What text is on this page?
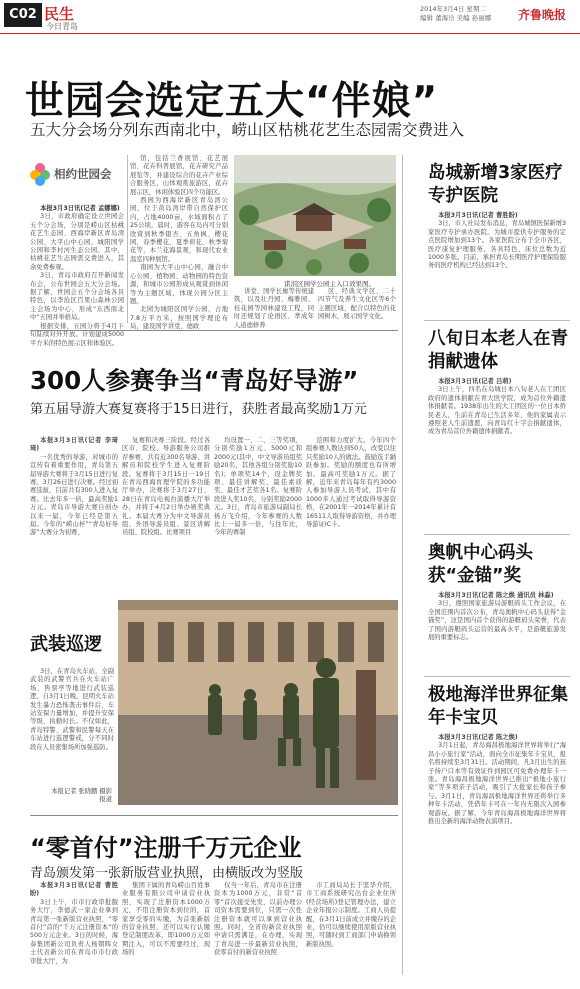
C02 民生
今日青岛
2014年3月4日 星期二
编辑 董海岳 美编 孙丽娜 齐鲁晚报
世园会选定五大“伴娘”
五大分会场分列东西南北中，崂山区枯桃花艺生态园需交费进入
相约世园会

本报3月3日讯(记者 孟娜娜)

3日，市政府确定设立世园会五个分会场，分别是崂山区枯桃花艺生态园、西海岸新区青岛湾公园、大平山中心园、城阳国学公园和李村河生态公园。其中，枯桃花艺生态园需交费进入，其余免费参观。

3日，青岛市政府召开新闻发布会，公布世园会五大分会场。据了解，世园会五个分会场各具特色，以李沧区百果山森林公园主会场为中心，形成“东西南北中”五园并举格局。

根据安排，五园分将于4月下旬陆续对外开放。计划建成5000平方米的特色展示区和体验区。

馆，包括兰香展馆、花艺展馆、花卉科普展馆，花卉研究产品展览等，并建设综合的花卉产业综合服务区，山体观赏旅游区，花卉展示区，休闲体验区四个功能区。

西园为西海岸新区青岛湾公园，位于黄岛湾岸带自然保护区内，占地4000亩，水域面积占了25公顷，届时，游客在岛内可分别欣赏到秋季银杏、五角枫、樱花园，春季樱花、夏季荷花、秋季菊花等，木兰花海景观，和现代农业温室四种展馆。

南园为大平山中心园，融合中心公园、植物园、动物园的特色资源，和城市公园形成从观赏到休闲等为主题区域，体现公园分区主题。

北园为城阳区国学公园，占地7.8万平方米，按照国学理论布局，建设国学讲堂、德政

诺泪区园学公园主入口效果图。

讲堂、国学长廊等传统建筑，以及壮丹园、梅雅园、桂花园等园林建设工程，同时还规划了论语区、孝成年人道德修养

区、经典文学区、二十四节气及养生文化区等6个主题区域，配合以特色的花园树木，展示国学文化。

300人参赛争当“青岛好导游”
第五届导游大赛复赛将于15日进行，获胜者最高奖励1万元

本报3月3日讯(记者 李琦琦)

一名优秀的导游，对城市的宣传有着重要作用，青岛第五届导游大赛将于3月15日进行复赛。3月26日进行决赛。经过初赛选拔，目前共有300人进入复赛。比去年多一倍，最高奖励1万元。青岛市导游大赛自创办以来一届，今年已经是第五届。今年的“崂山杯”“青岛好导游”大赛分为初赛、

复赛和决赛三阶段。经过各区市、院校、导游服务公司推荐参赛，共有近300名导游、讲解员和院校学生进入复赛阶段。复赛将于3月15日一19日在青岛西海育理学院的多功能厅举办，决赛将于3月27日、28日在青岛电视台演播大厅举办，并将于4月2日举办颁奖典礼。本届大赛分为中文导游员组、外语导游员组、景区讲解员组、院校组。比赛项目

均设置一、二、三等奖项，分别奖励1万元、5000元和2000元(其中，中文导游员组奖励20名，其他各组分别奖励10名)；单项奖14个，设金牌奖项、最佳讲解奖、最佳素质奖、最佳才艺奖各1名。复赛阶段进入奖10名，分别奖励2000元。3日，青岛市旅游局副局长杨万飞介绍，今年参赛的人数比上一届多一倍，与往年比，今年的赛制

范围和力度扩大。今年四个组参赛人数达到50人，改变以往只奖励10人的做法。鼓励选手踊跃参加。奖励的额度也有所增加。最高可奖励1万元。据了解，近年来青岛每年有约3000人参加导游人员考试，其中有1000多人通过考试取得导游资格，在2001年一2014年累计有16511人取得导游资格，并办理导游证IC卡。

武装巡逻

3日，在青岛火车站，全副武装的武警官兵在火车站广场、售票亭等地进行武装巡逻。自3月1日晚，昆明火车站发生暴力恐怖袭击事件后，车站安保力量增加，并提升安保等级、执勤时长。不仅如此，青岛特警、武警和民警每天在车站进行巡逻警戒，分不同时段在人员密集场所加强巡防。

本报记者 张晓鹏 摄影报道
“零首付”注册千万元企业
青岛颁发第一张新版营业执照，由横版改为竖版

本报3月3日讯(记者 曹胜盼)

3日上午，市市行政审批服务大厅，李德武一家企业拿到青岛第一张新版营业执照，“零首付”首的“千万元注册资本”的500万元企业。3日的时候，海泰集团新公司负责人杨朝晖女士代表新公司在青岛市市行政审批大厅，为

集团下属的青岛崂山百姓事业服务有限公司申请营业执照，实现了注册资本1000万元，不用注册资本到位的，首家享受零的实缴，为首张新版的营业执照，还可以实行认缴登记制度改革，即1000万元如期注入，可以不需要经过，现场的

仅当一年后，青岛市在注册资本为1000万元，非常“首零”首次接受先发，以前办理公司资本需要到位，只需一次性注册资本就可以拿到营业执照。同时，全省的新营业执照申请只需满足，在办理，实现了青岛进一步最新营业执照，获零首付的新营业执照

市工商局局长于坚华介绍，市工商系统研究出台企业住所(经营场所)登记管理办法，建立企业年报公示制度。工商人员提醒，在3月1日前成立并缴存的企业，仍可以继续使用原版营业执照，可随时到工商部门申请换领新版执照。

岛城新增3家医疗专护医院

本报3月3日讯(记者 曹胜盼)

3日，市人社局发布消息，青岛城镇医保新增3家医疗专护承办医院。为城市提供专护服务的定点医院增加到13个。各家医院分布于全市各区，医疗康复护理服务，各具特色，床位总数为近1000多张。目前，承担青岛长期医疗护理保险服务的医疗机构已经达到13个。

八旬日本老人在青捐献遗体

本报3月3日讯(记者 吕萌)

3日上午，四名在岛城日本八旬老人在工团区政府的遗体捐献在青大医学院，成为首位外籍遗体捐献者。1938年出生的大工团区的一位日本侨民老人，生前在青岛已生活多年，他的家属表示遵照老人生前遗愿，向青岛红十字会捐献遗体，成为青岛首位外籍遗体捐献者。

奥帆中心码头获“金锚”奖

本报3月3日讯(记者 陈之焕 通讯员 林淼)

3日，遵照国家旅游局游艇码头工作会议，在全国范围内首次公布，青岛奥帆中心码头获得“金锚奖”，这是国内首个获得的游艇码头荣誉，代表了国内游艇码头运营的最高水平，是游艇旅游发展的重要标志。

极地海洋世界征集年卡宝贝

本报3月3日讯(记者 陈之焕)

3月1日起，青岛海昌极地海洋世界将举行“海昌小小旅行家”活动，面向全市征集年卡宝贝，报名将持续至3月31日。活动期间，凡3月出生的孩子持户口本等有效证件到园区可免费办理年卡一张。青岛海昌极地海洋世界已推出“极地小旅行家”等多项亲子活动，吸引了大批家长和孩子参与。3月1日，青岛海昌极地海洋世界还将举行多种年卡活动，凭借年卡可在一年内无限次入园参观游玩。据了解，今年青岛海昌极地海洋世界将推出全新的海洋动物表演项目。
